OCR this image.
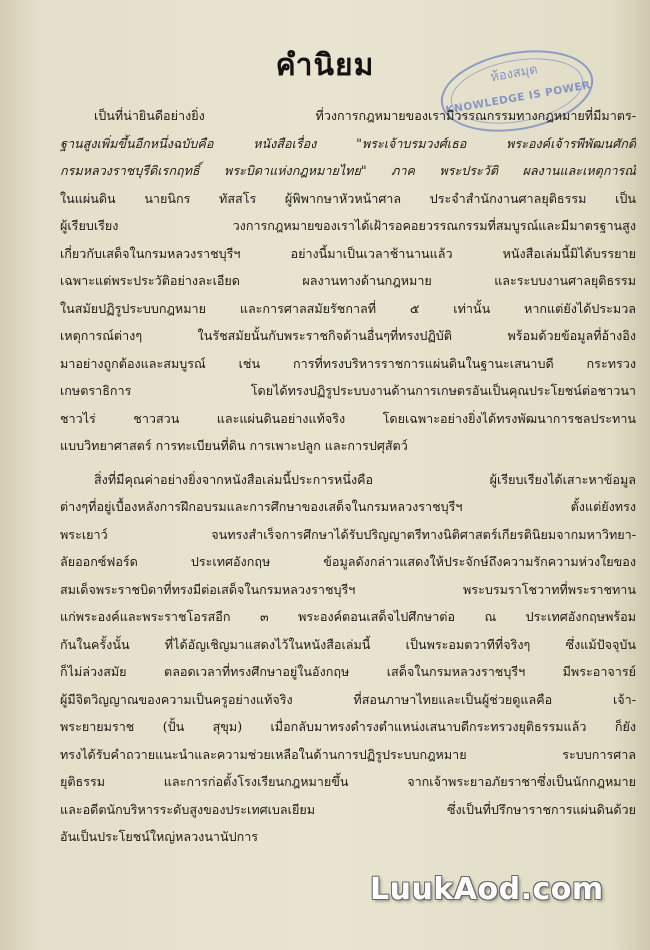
คำนิยม	ห้องสมุด
KNOWLEDGE IS POWER
เป็นที่น่ายินดีอย่างยิ่ง ที่วงการกฎหมายของเรามีวรรณกรรมทางกฎหมายที่มีมาตร-
ฐานสูงเพิ่มขึ้นอีกหนึ่งฉบับคือ หนังสือเรื่อง "พระเจ้าบรมวงศ์เธอ พระองค์เจ้ารพีพัฒนศักดิ์
กรมหลวงราชบุรีดิเรกฤทธิ์ พระบิดาแห่งกฎหมายไทย" ภาค พระประวัติ ผลงานและเหตุการณ์
ในแผ่นดิน นายนิกร ทัสสโร ผู้พิพากษาหัวหน้าศาล ประจำสำนักงานศาลยุติธรรม เป็น
ผู้เรียบเรียง วงการกฎหมายของเราได้เฝ้ารอคอยวรรณกรรมที่สมบูรณ์และมีมาตรฐานสูง
เกี่ยวกับเสด็จในกรมหลวงราชบุรีฯ อย่างนี้มาเป็นเวลาช้านานแล้ว หนังสือเล่มนี้มิได้บรรยาย
เฉพาะแต่พระประวัติอย่างละเอียด ผลงานทางด้านกฎหมาย และระบบงานศาลยุติธรรม
ในสมัยปฏิรูประบบกฎหมาย และการศาลสมัยรัชกาลที่ ๕ เท่านั้น หากแต่ยังได้ประมวล
เหตุการณ์ต่างๆ ในรัชสมัยนั้นกับพระราชกิจด้านอื่นๆที่ทรงปฏิบัติ พร้อมด้วยข้อมูลที่อ้างอิง
มาอย่างถูกต้องและสมบูรณ์ เช่น การที่ทรงบริหารราชการแผ่นดินในฐานะเสนาบดี กระทรวง
เกษตราธิการ โดยได้ทรงปฏิรูประบบงานด้านการเกษตรอันเป็นคุณประโยชน์ต่อชาวนา
ชาวไร่ ชาวสวน และแผ่นดินอย่างแท้จริง โดยเฉพาะอย่างยิ่งได้ทรงพัฒนาการชลประทาน
แบบวิทยาศาสตร์ การทะเบียนที่ดิน การเพาะปลูก และการปศุสัตว์
สิ่งที่มีคุณค่าอย่างยิ่งจากหนังสือเล่มนี้ประการหนึ่งคือ ผู้เรียบเรียงได้เสาะหาข้อมูล
ต่างๆที่อยู่เบื้องหลังการฝึกอบรมและการศึกษาของเสด็จในกรมหลวงราชบุรีฯ ตั้งแต่ยังทรง
พระเยาว์ จนทรงสำเร็จการศึกษาได้รับปริญญาตรีทางนิติศาสตร์เกียรตินิยมจากมหาวิทยา-
ลัยออกซ์ฟอร์ด ประเทศอังกฤษ ข้อมูลดังกล่าวแสดงให้ประจักษ์ถึงความรักความห่วงใยของ
สมเด็จพระราชบิดาที่ทรงมีต่อเสด็จในกรมหลวงราชบุรีฯ พระบรมราโชวาทที่พระราชทาน
แก่พระองค์และพระราชโอรสอีก ๓ พระองค์ตอนเสด็จไปศึกษาต่อ ณ ประเทศอังกฤษพร้อม
กันในครั้งนั้น ที่ได้อัญเชิญมาแสดงไว้ในหนังสือเล่มนี้ เป็นพระอมตวาทีที่จริงๆ ซึ่งแม้ปัจจุบัน
ก็ไม่ล่วงสมัย ตลอดเวลาที่ทรงศึกษาอยู่ในอังกฤษ เสด็จในกรมหลวงราชบุรีฯ มีพระอาจารย์
ผู้มีจิตวิญญาณของความเป็นครูอย่างแท้จริง ที่สอนภาษาไทยและเป็นผู้ช่วยดูแลคือ เจ้า-
พระยายมราช (ปั้น สุขุม) เมื่อกลับมาทรงดำรงตำแหน่งเสนาบดีกระทรวงยุติธรรมแล้ว ก็ยัง
ทรงได้รับคำถวายแนะนำและความช่วยเหลือในด้านการปฏิรูประบบกฎหมาย ระบบการศาล
ยุติธรรม และการก่อตั้งโรงเรียนกฎหมายขึ้น จากเจ้าพระยาอภัยราชาซึ่งเป็นนักกฎหมาย
และอดีตนักบริหารระดับสูงของประเทศเบลเยียม ซึ่งเป็นที่ปรึกษาราชการแผ่นดินด้วย
อันเป็นประโยชน์ใหญ่หลวงนานัปการ
LuukAod.com
